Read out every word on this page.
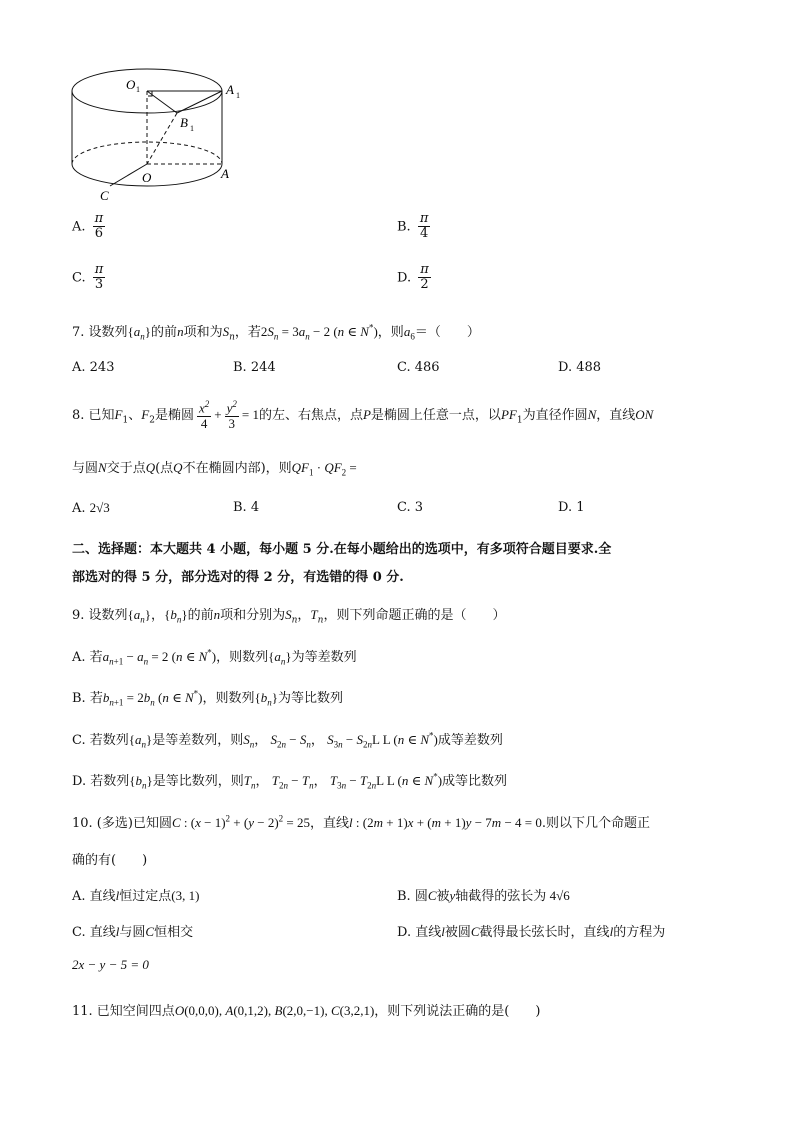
O 1	A 1
B 1
O	A
C
A. $\frac{\pi}{6}$	B. $\frac{\pi}{4}$
C. $\frac{\pi}{3}$	D. $\frac{\pi}{2}$
7. 设数列$\{a_n\}$的前n项和为$S_n$，若$2S_n = 3a_n - 2$ (n ∈ N*)，则$a_6=$（　　）
A. 243	B. 244	C. 486	D. 488
8. 已知$F_1$、$F_2$是椭圆 $\frac{x^2}{4} + \frac{y^2}{3} = 1$的左、右焦点，点P是椭圆上任意一点，以$PF_1$为直径作圆N，直线ON
与圆N交于点Q(点Q不在椭圆内部)，则$QF_1 \cdot QF_2$ =
A. 2√3	B. 4	C. 3	D. 1
二、选择题：本大题共 4 小题，每小题 5 分.在每小题给出的选项中，有多项符合题目要求.全
部选对的得 5 分，部分选对的得 2 分，有选错的得 0 分.
9. 设数列$\{a_n\}$，$\{b_n\}$的前n项和分别为$S_n$，$T_n$，则下列命题正确的是（　　）
A. 若$a_{n+1} - a_n = 2$ (n ∈ N*)，则数列$\{a_n\}$为等差数列
B. 若$b_{n+1} = 2b_n$ (n ∈ N*)，则数列$\{b_n\}$为等比数列
C. 若数列$\{a_n\}$是等差数列，则$S_n$， $S_{2n} - S_n$， $S_{3n} - S_{2n}L$ L (n ∈ N*)成等差数列
D. 若数列$\{b_n\}$是等比数列，则$T_n$， $T_{2n} - T_n$， $T_{3n} - T_{2n}L$ L (n ∈ N*)成等比数列
10. (多选)已知圆C : $(x - 1)^2 + (y - 2)^2 = 25$，直线l : (2m + 1)x + (m + 1)y − 7m − 4 = 0.则以下几个命题正
确的有(　　)
A. 直线l恒过定点(3, 1)	B. 圆C被y轴截得的弦长为 4√6
C. 直线l与圆C恒相交	D. 直线l被圆C截得最长弦长时，直线l的方程为
2x − y − 5 = 0
11. 已知空间四点O(0,0,0), A(0,1,2), B(2,0,−1), C(3,2,1)，则下列说法正确的是(　　)
